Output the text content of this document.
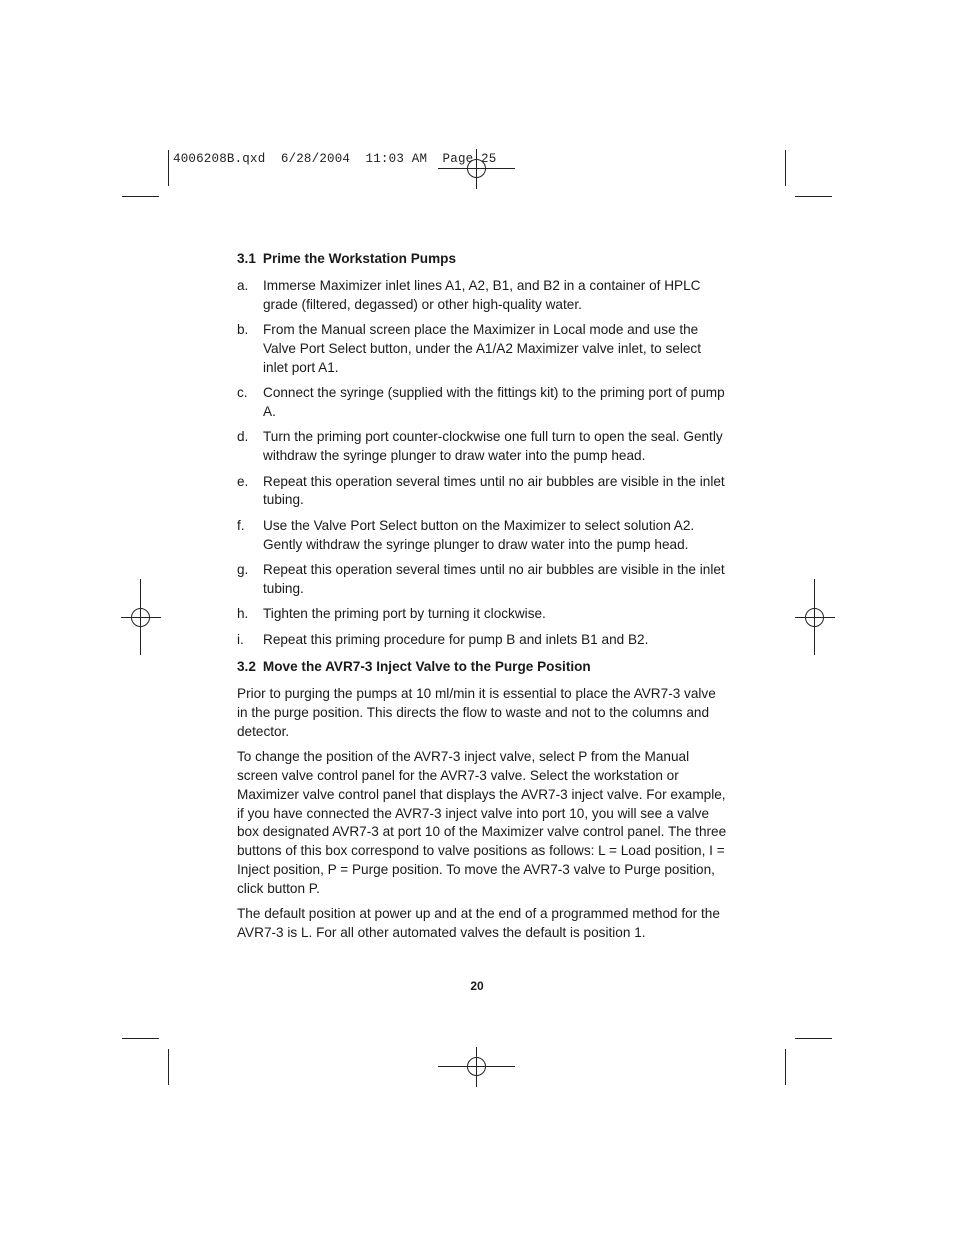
4006208B.qxd  6/28/2004  11:03 AM  Page 25
3.1 Prime the Workstation Pumps
a. Immerse Maximizer inlet lines A1, A2, B1, and B2 in a container of HPLC grade (filtered, degassed) or other high-quality water.
b. From the Manual screen place the Maximizer in Local mode and use the Valve Port Select button, under the A1/A2 Maximizer valve inlet, to select inlet port A1.
c. Connect the syringe (supplied with the fittings kit) to the priming port of pump A.
d. Turn the priming port counter-clockwise one full turn to open the seal. Gently withdraw the syringe plunger to draw water into the pump head.
e. Repeat this operation several times until no air bubbles are visible in the inlet tubing.
f. Use the Valve Port Select button on the Maximizer to select solution A2. Gently withdraw the syringe plunger to draw water into the pump head.
g. Repeat this operation several times until no air bubbles are visible in the inlet tubing.
h. Tighten the priming port by turning it clockwise.
i. Repeat this priming procedure for pump B and inlets B1 and B2.
3.2 Move the AVR7-3 Inject Valve to the Purge Position

Prior to purging the pumps at 10 ml/min it is essential to place the AVR7-3 valve in the purge position. This directs the flow to waste and not to the columns and detector.

To change the position of the AVR7-3 inject valve, select P from the Manual screen valve control panel for the AVR7-3 valve. Select the workstation or Maximizer valve control panel that displays the AVR7-3 inject valve. For example, if you have connected the AVR7-3 inject valve into port 10, you will see a valve box designated AVR7-3 at port 10 of the Maximizer valve control panel. The three buttons of this box correspond to valve positions as follows: L = Load position, I = Inject position, P = Purge position. To move the AVR7-3 valve to Purge position, click button P.

The default position at power up and at the end of a programmed method for the AVR7-3 is L. For all other automated valves the default is position 1.

20
